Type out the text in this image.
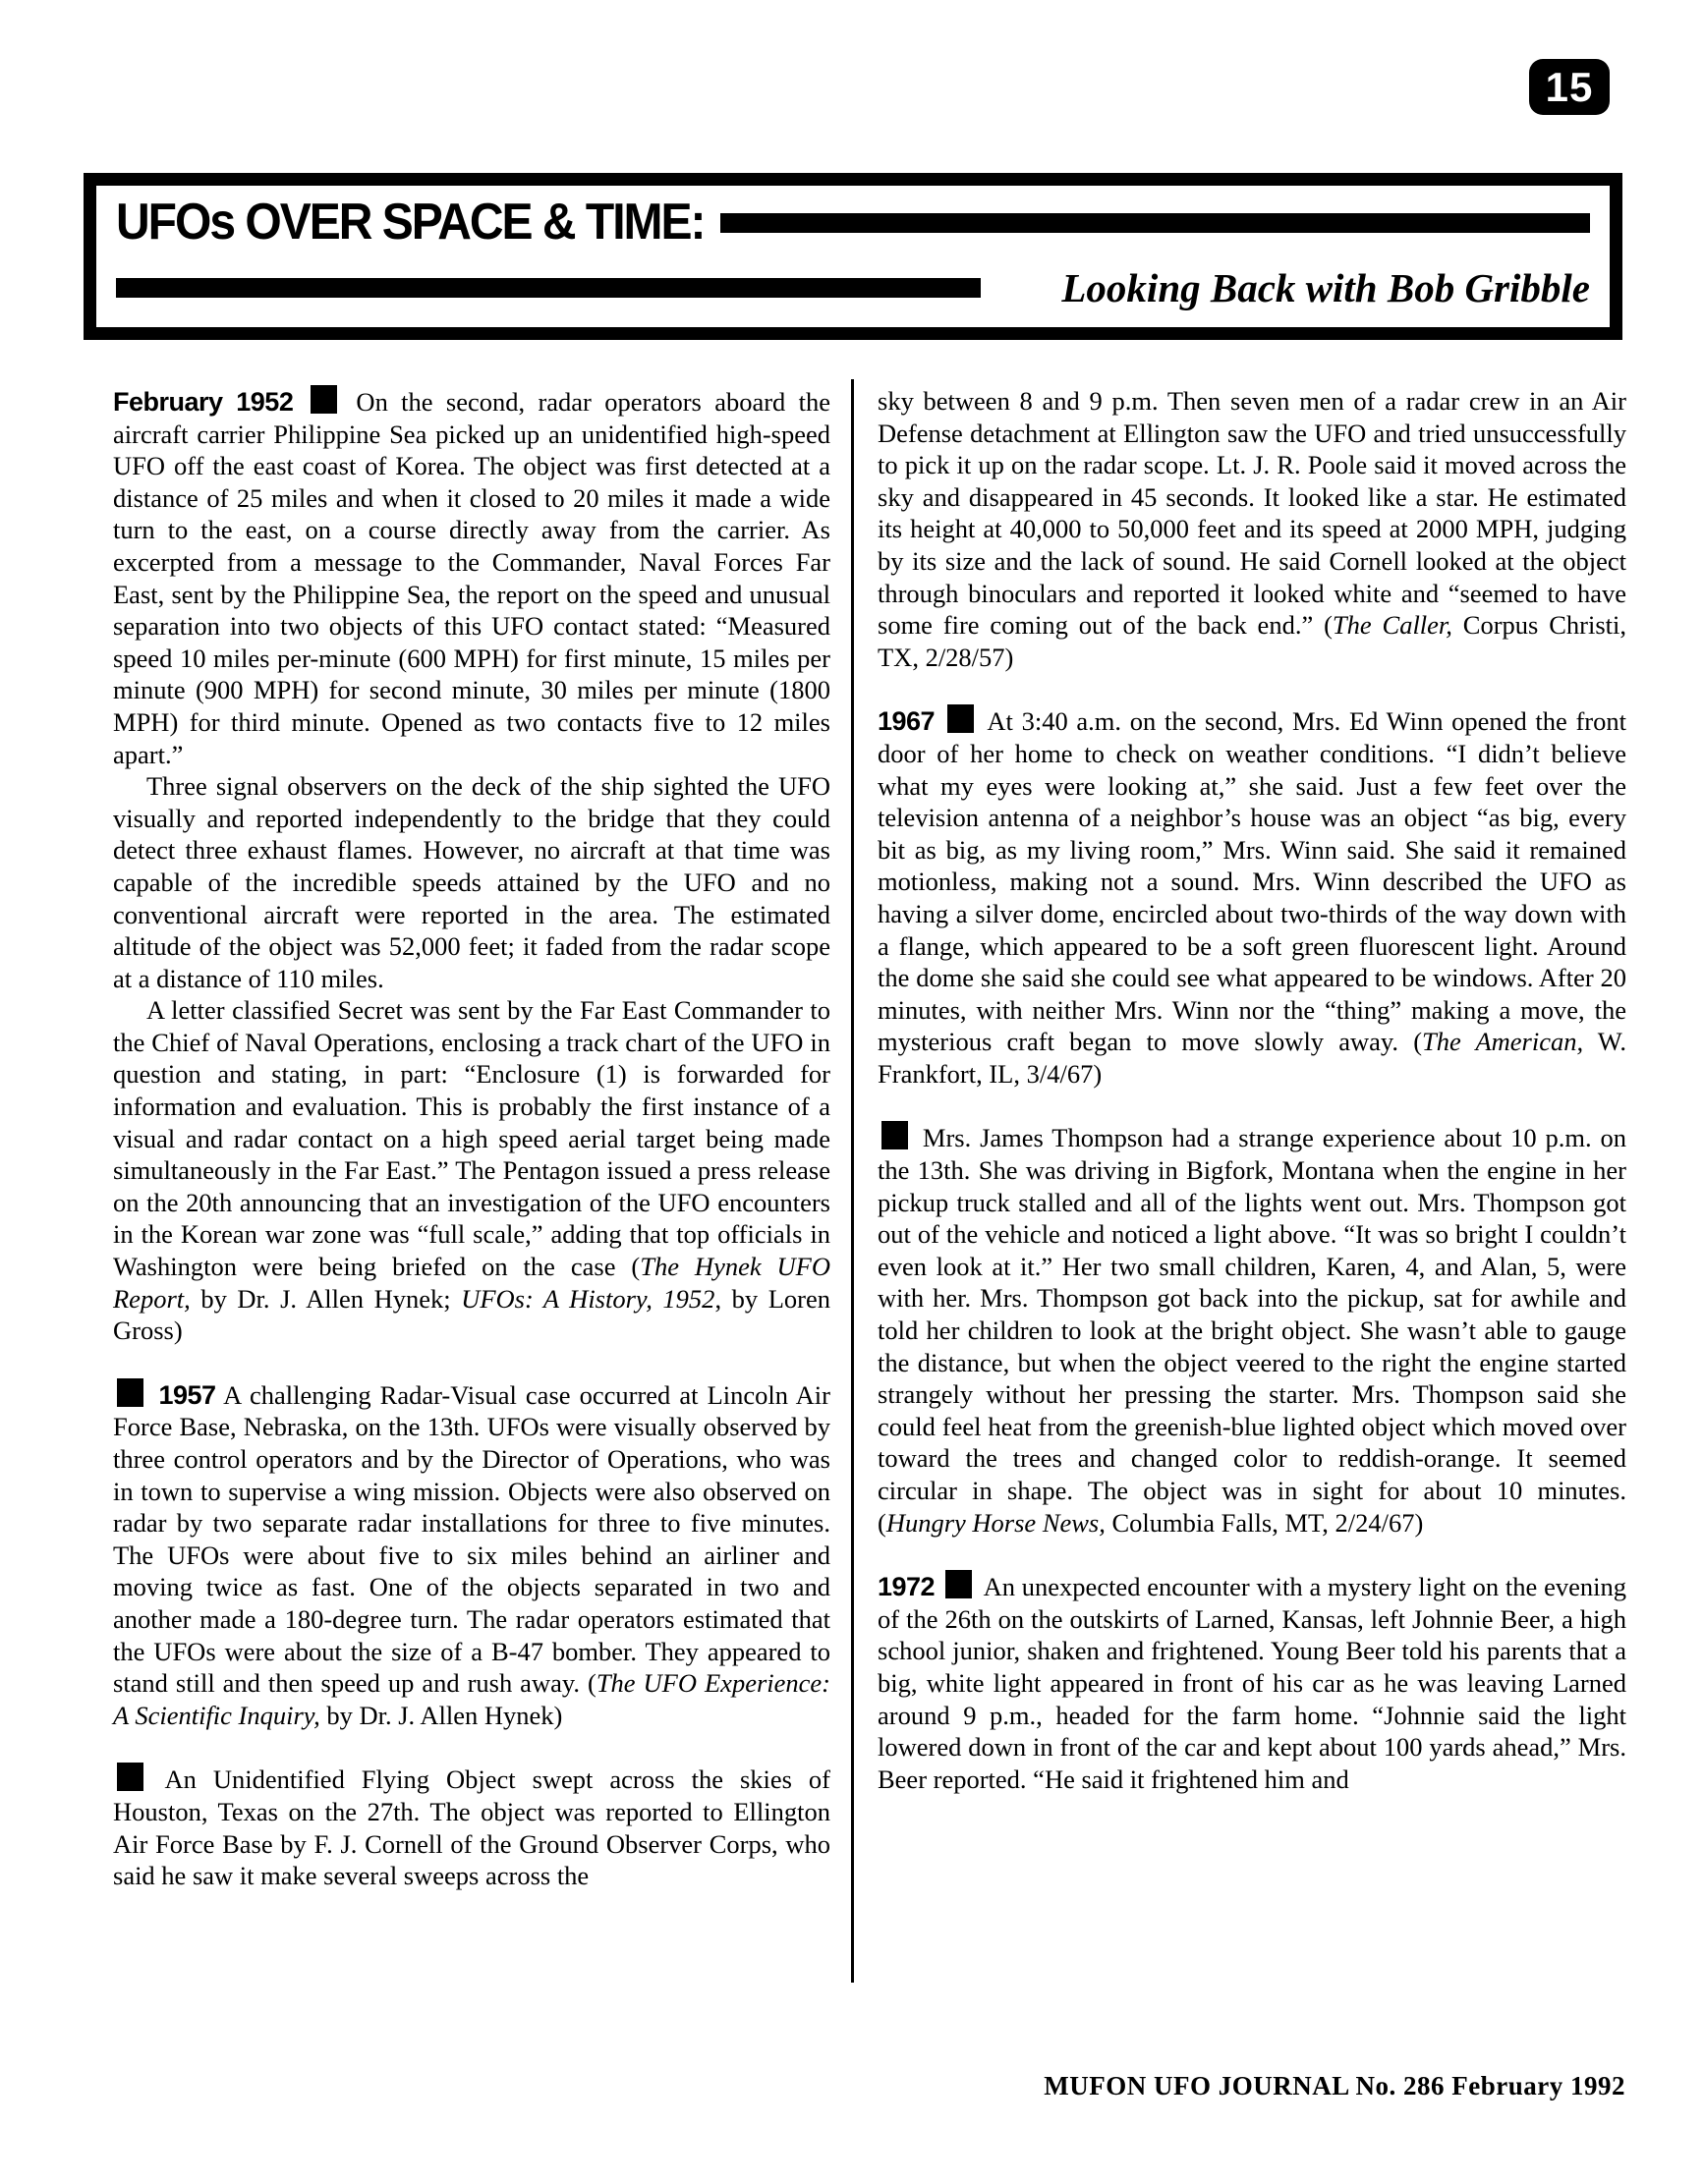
15
UFOs OVER SPACE & TIME:
Looking Back with Bob Gribble

February 1952  On the second, radar operators aboard the aircraft carrier Philippine Sea picked up an unidentified high-speed UFO off the east coast of Korea. The object was first detected at a distance of 25 miles and when it closed to 20 miles it made a wide turn to the east, on a course directly away from the carrier. As excerpted from a message to the Commander, Naval Forces Far East, sent by the Philippine Sea, the report on the speed and unusual separation into two objects of this UFO contact stated: “Measured speed 10 miles per-minute (600 MPH) for first minute, 15 miles per minute (900 MPH) for second minute, 30 miles per minute (1800 MPH) for third minute. Opened as two contacts five to 12 miles apart.”

Three signal observers on the deck of the ship sighted the UFO visually and reported independently to the bridge that they could detect three exhaust flames. However, no aircraft at that time was capable of the incredible speeds attained by the UFO and no conventional aircraft were reported in the area. The estimated altitude of the object was 52,000 feet; it faded from the radar scope at a distance of 110 miles.

A letter classified Secret was sent by the Far East Commander to the Chief of Naval Operations, enclosing a track chart of the UFO in question and stating, in part: “Enclosure (1) is forwarded for information and evaluation. This is probably the first instance of a visual and radar contact on a high speed aerial target being made simultaneously in the Far East.” The Pentagon issued a press release on the 20th announcing that an investigation of the UFO encounters in the Korean war zone was “full scale,” adding that top officials in Washington were being briefed on the case (The Hynek UFO Report, by Dr. J. Allen Hynek; UFOs: A History, 1952, by Loren Gross)

1957 A challenging Radar-Visual case occurred at Lincoln Air Force Base, Nebraska, on the 13th. UFOs were visually observed by three control operators and by the Director of Operations, who was in town to supervise a wing mission. Objects were also observed on radar by two separate radar installations for three to five minutes. The UFOs were about five to six miles behind an airliner and moving twice as fast. One of the objects separated in two and another made a 180-degree turn. The radar operators estimated that the UFOs were about the size of a B-47 bomber. They appeared to stand still and then speed up and rush away. (The UFO Experience: A Scientific Inquiry, by Dr. J. Allen Hynek)

An Unidentified Flying Object swept across the skies of Houston, Texas on the 27th. The object was reported to Ellington Air Force Base by F. J. Cornell of the Ground Observer Corps, who said he saw it make several sweeps across the

sky between 8 and 9 p.m. Then seven men of a radar crew in an Air Defense detachment at Ellington saw the UFO and tried unsuccessfully to pick it up on the radar scope. Lt. J. R. Poole said it moved across the sky and disappeared in 45 seconds. It looked like a star. He estimated its height at 40,000 to 50,000 feet and its speed at 2000 MPH, judging by its size and the lack of sound. He said Cornell looked at the object through binoculars and reported it looked white and “seemed to have some fire coming out of the back end.” (The Caller, Corpus Christi, TX, 2/28/57)

1967  At 3:40 a.m. on the second, Mrs. Ed Winn opened the front door of her home to check on weather conditions. “I didn’t believe what my eyes were looking at,” she said. Just a few feet over the television antenna of a neighbor’s house was an object “as big, every bit as big, as my living room,” Mrs. Winn said. She said it remained motionless, making not a sound. Mrs. Winn described the UFO as having a silver dome, encircled about two-thirds of the way down with a flange, which appeared to be a soft green fluorescent light. Around the dome she said she could see what appeared to be windows. After 20 minutes, with neither Mrs. Winn nor the “thing” making a move, the mysterious craft began to move slowly away. (The American, W. Frankfort, IL, 3/4/67)

Mrs. James Thompson had a strange experience about 10 p.m. on the 13th. She was driving in Bigfork, Montana when the engine in her pickup truck stalled and all of the lights went out. Mrs. Thompson got out of the vehicle and noticed a light above. “It was so bright I couldn’t even look at it.” Her two small children, Karen, 4, and Alan, 5, were with her. Mrs. Thompson got back into the pickup, sat for awhile and told her children to look at the bright object. She wasn’t able to gauge the distance, but when the object veered to the right the engine started strangely without her pressing the starter. Mrs. Thompson said she could feel heat from the greenish-blue lighted object which moved over toward the trees and changed color to reddish-orange. It seemed circular in shape. The object was in sight for about 10 minutes. (Hungry Horse News, Columbia Falls, MT, 2/24/67)

1972  An unexpected encounter with a mystery light on the evening of the 26th on the outskirts of Larned, Kansas, left Johnnie Beer, a high school junior, shaken and frightened. Young Beer told his parents that a big, white light appeared in front of his car as he was leaving Larned around 9 p.m., headed for the farm home. “Johnnie said the light lowered down in front of the car and kept about 100 yards ahead,” Mrs. Beer reported. “He said it frightened him and

MUFON UFO JOURNAL No. 286 February 1992
